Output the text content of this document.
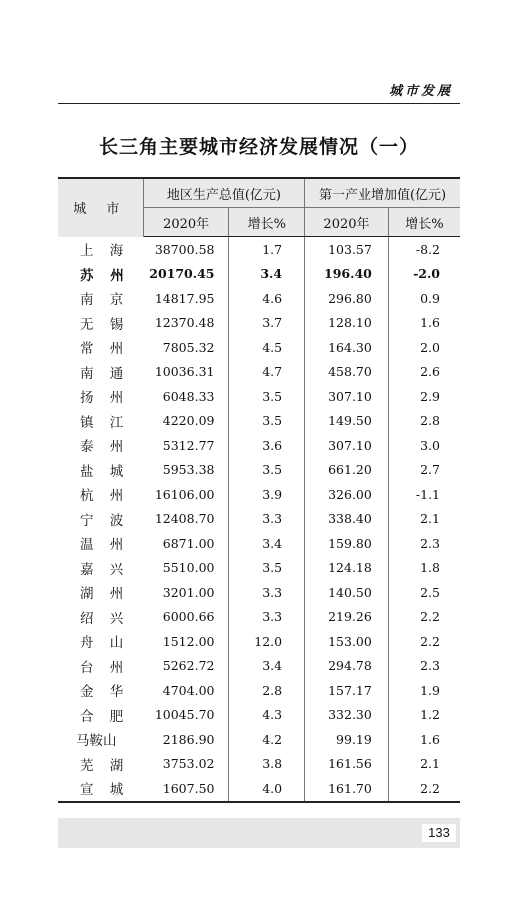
城市发展
长三角主要城市经济发展情况（一）
城 市	地区生产总值(亿元)		第一产业增加值(亿元)	
	2020年	增长%	2020年	增长%
上 海	38700.58	1.7	103.57	-8.2
苏 州	20170.45	3.4	196.40	-2.0
南 京	14817.95	4.6	296.80	0.9
无 锡	12370.48	3.7	128.10	1.6
常 州	7805.32	4.5	164.30	2.0
南 通	10036.31	4.7	458.70	2.6
扬 州	6048.33	3.5	307.10	2.9
镇 江	4220.09	3.5	149.50	2.8
泰 州	5312.77	3.6	307.10	3.0
盐 城	5953.38	3.5	661.20	2.7
杭 州	16106.00	3.9	326.00	-1.1
宁 波	12408.70	3.3	338.40	2.1
温 州	6871.00	3.4	159.80	2.3
嘉 兴	5510.00	3.5	124.18	1.8
湖 州	3201.00	3.3	140.50	2.5
绍 兴	6000.66	3.3	219.26	2.2
舟 山	1512.00	12.0	153.00	2.2
台 州	5262.72	3.4	294.78	2.3
金 华	4704.00	2.8	157.17	1.9
合 肥	10045.70	4.3	332.30	1.2
马鞍山	2186.90	4.2	99.19	1.6
芜 湖	3753.02	3.8	161.56	2.1
宣 城	1607.50	4.0	161.70	2.2
133
